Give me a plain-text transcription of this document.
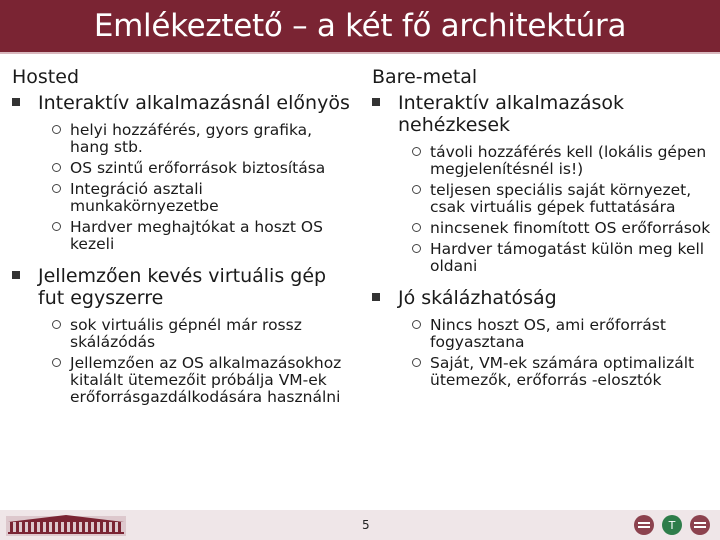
Emlékeztető – a két fő architektúra
Hosted
Interaktív alkalmazásnál előnyös
helyi hozzáférés, gyors grafika, hang stb.
OS szintű erőforrások biztosítása
Integráció asztali munkakörnyezetbe
Hardver meghajtókat a hoszt OS kezeli
Jellemzően kevés virtuális gép fut egyszerre
sok virtuális gépnél már rossz skálázódás
Jellemzően az OS alkalmazásokhoz kitalált ütemezőit próbálja VM-ek erőforrásgazdálkodására használni
Bare-metal
Interaktív alkalmazások nehézkesek
távoli hozzáférés kell (lokális gépen megjelenítésnél is!)
teljesen speciális saját környezet, csak virtuális gépek futtatására
nincsenek finomított OS erőforrások
Hardver támogatást külön meg kell oldani
Jó skálázhatóság
Nincs hoszt OS, ami erőforrást fogyasztana
Saját, VM-ek számára optimalizált ütemezők, erőforrás -elosztók
5	T
